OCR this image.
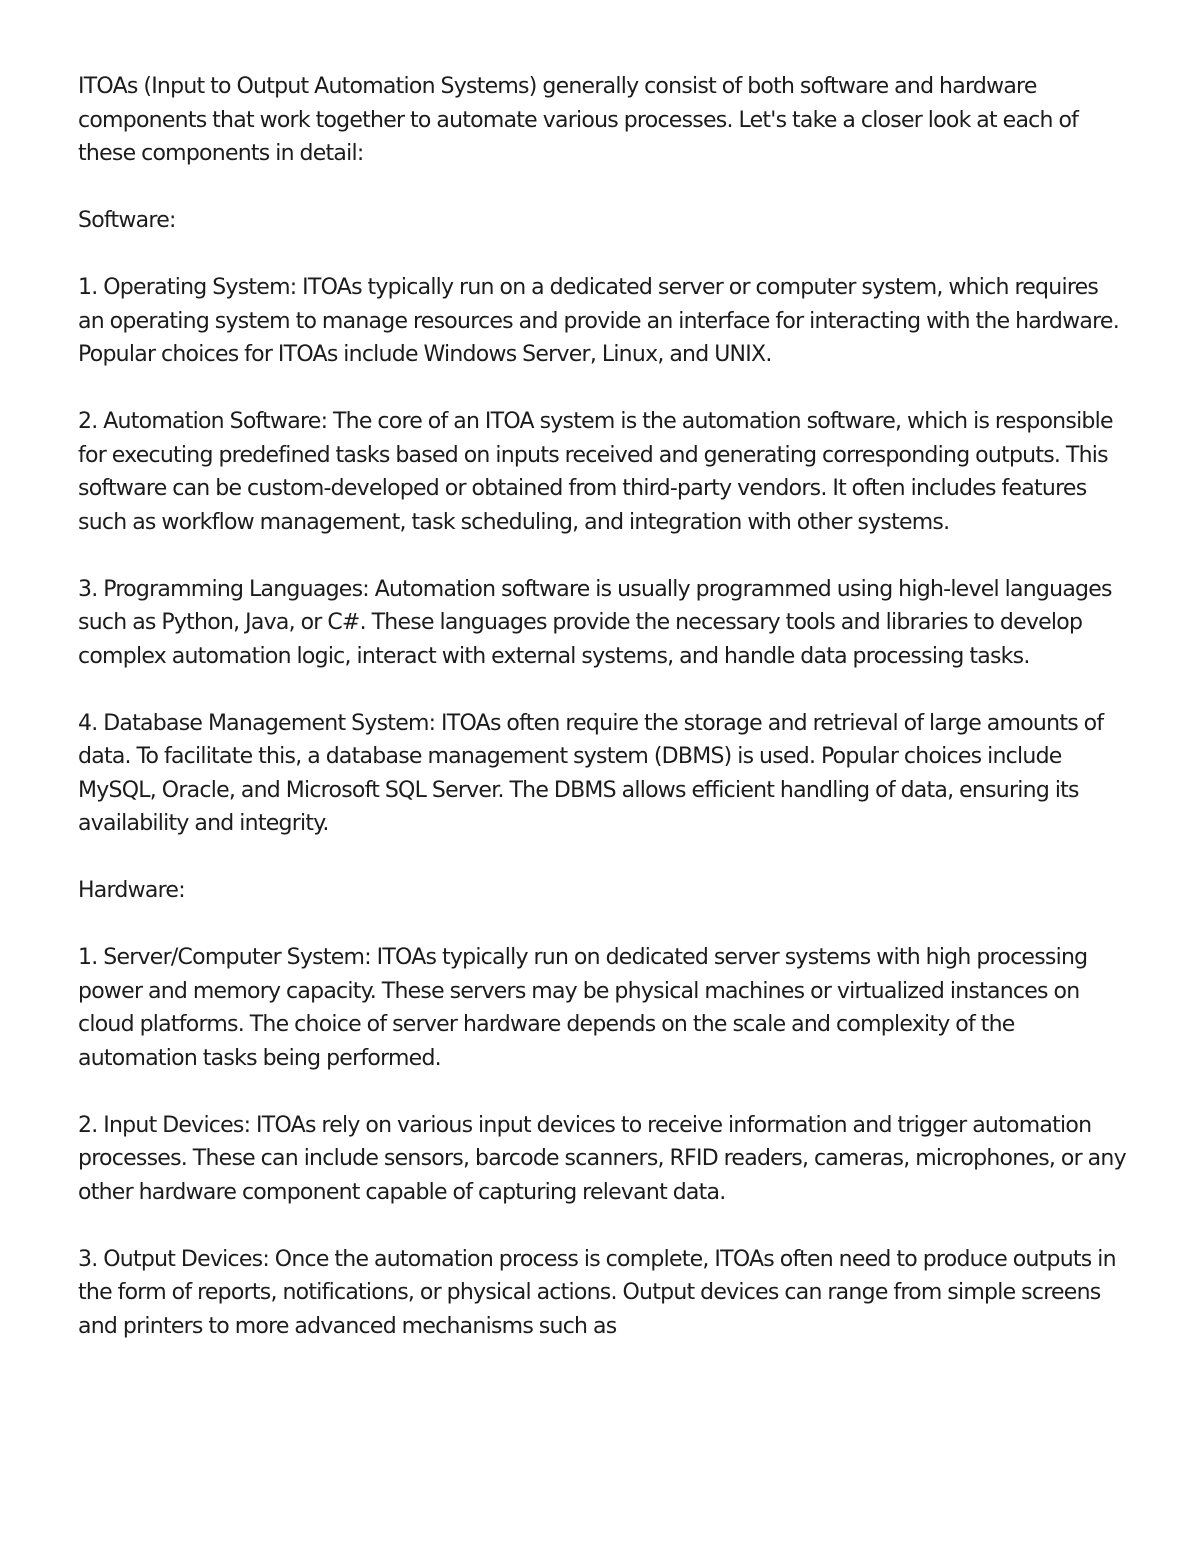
ITOAs (Input to Output Automation Systems) generally consist of both software and hardware components that work together to automate various processes. Let's take a closer look at each of these components in detail:

Software:

1. Operating System: ITOAs typically run on a dedicated server or computer system, which requires an operating system to manage resources and provide an interface for interacting with the hardware. Popular choices for ITOAs include Windows Server, Linux, and UNIX.

2. Automation Software: The core of an ITOA system is the automation software, which is responsible for executing predefined tasks based on inputs received and generating corresponding outputs. This software can be custom-developed or obtained from third-party vendors. It often includes features such as workflow management, task scheduling, and integration with other systems.

3. Programming Languages: Automation software is usually programmed using high-level languages such as Python, Java, or C#. These languages provide the necessary tools and libraries to develop complex automation logic, interact with external systems, and handle data processing tasks.

4. Database Management System: ITOAs often require the storage and retrieval of large amounts of data. To facilitate this, a database management system (DBMS) is used. Popular choices include MySQL, Oracle, and Microsoft SQL Server. The DBMS allows efficient handling of data, ensuring its availability and integrity.

Hardware:

1. Server/Computer System: ITOAs typically run on dedicated server systems with high processing power and memory capacity. These servers may be physical machines or virtualized instances on cloud platforms. The choice of server hardware depends on the scale and complexity of the automation tasks being performed.

2. Input Devices: ITOAs rely on various input devices to receive information and trigger automation processes. These can include sensors, barcode scanners, RFID readers, cameras, microphones, or any other hardware component capable of capturing relevant data.

3. Output Devices: Once the automation process is complete, ITOAs often need to produce outputs in the form of reports, notifications, or physical actions. Output devices can range from simple screens and printers to more advanced mechanisms such as
